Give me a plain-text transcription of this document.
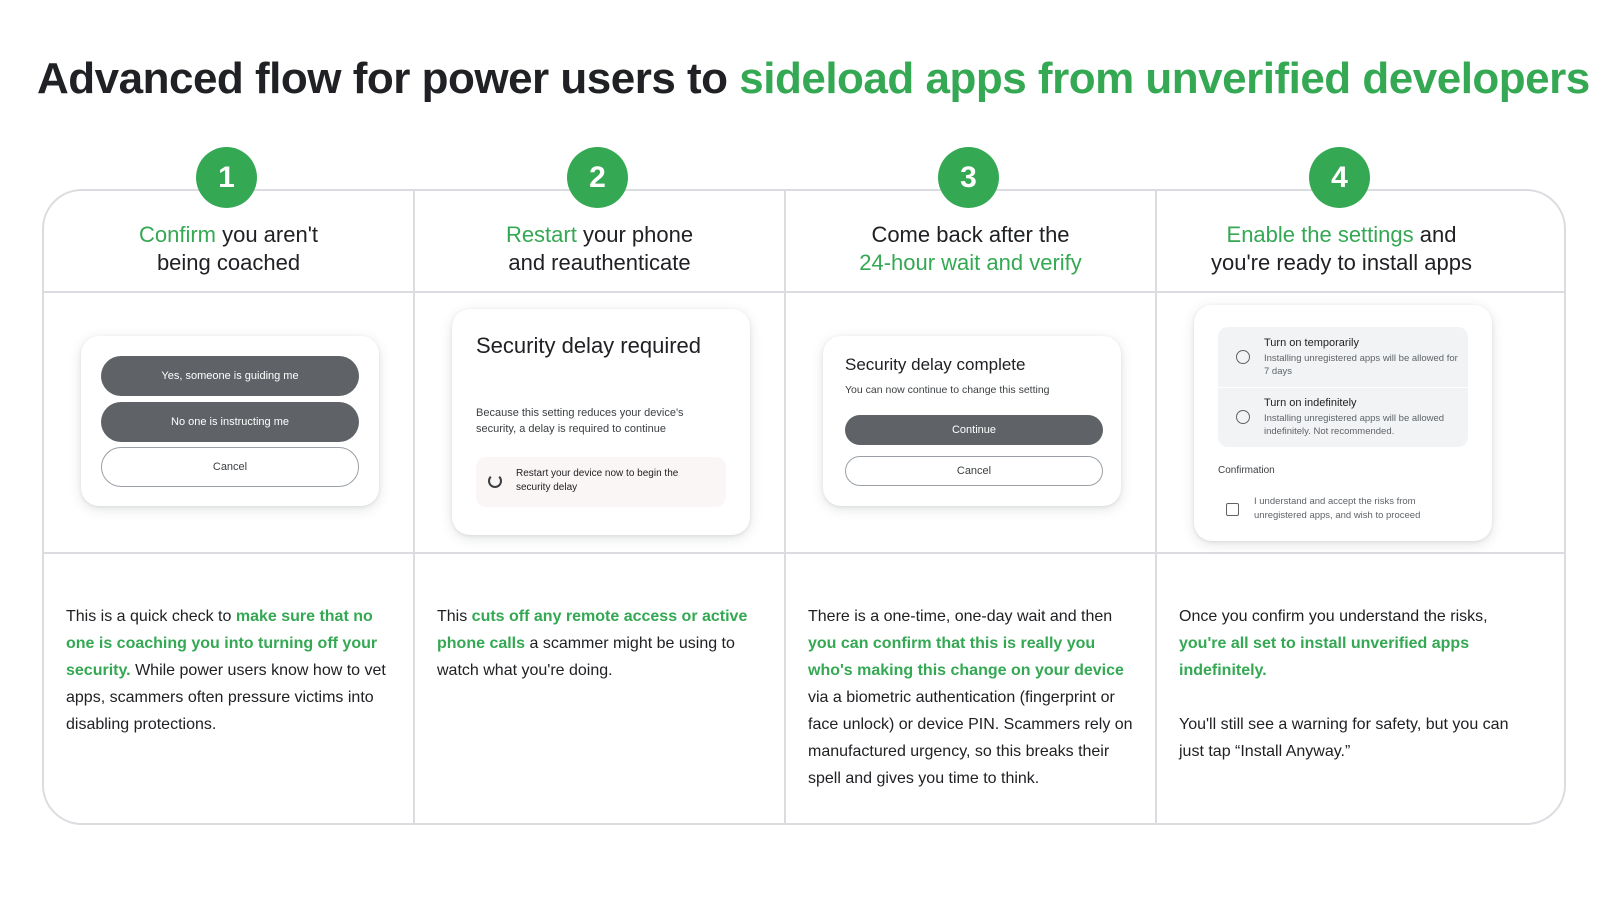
Advanced flow for power users to sideload apps from unverified developers
1	2	3	4
Confirm you aren't
being coached
Yes, someone is guiding me
No one is instructing me
Cancel

This is a quick check to make sure that no one is coaching you into turning off your security. While power users know how to vet apps, scammers often pressure victims into disabling protections.

Restart your phone
and reauthenticate
Security delay required
Because this setting reduces your device's security, a delay is required to continue
Restart your device now to begin the security delay

This cuts off any remote access or active phone calls a scammer might be using to watch what you're doing.

Come back after the
24-hour wait and verify
Security delay complete
You can now continue to change this setting
Continue
Cancel

There is a one-time, one-day wait and then you can confirm that this is really you who's making this change on your device via a biometric authentication (fingerprint or face unlock) or device PIN. Scammers rely on manufactured urgency, so this breaks their spell and gives you time to think.

Enable the settings and
you're ready to install apps
Turn on temporarily
Installing unregistered apps will be allowed for 7 days
Turn on indefinitely
Installing unregistered apps will be allowed indefinitely. Not recommended.
Confirmation
I understand and accept the risks from unregistered apps, and wish to proceed

Once you confirm you understand the risks, you're all set to install unverified apps indefinitely.

You'll still see a warning for safety, but you can just tap “Install Anyway.”
